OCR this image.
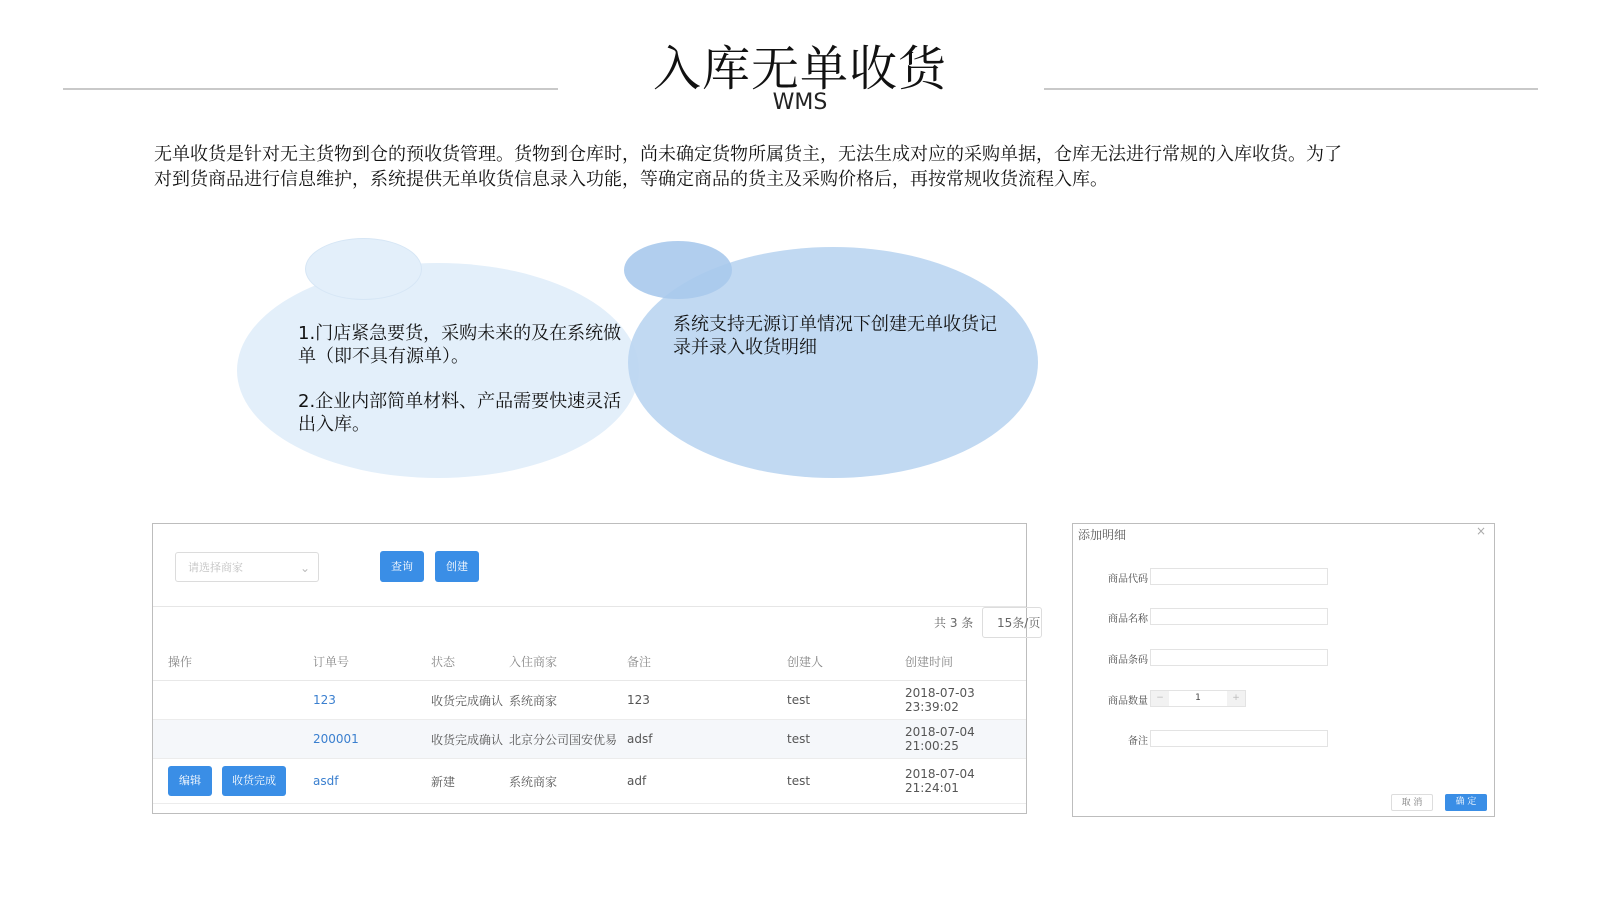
入库无单收货
WMS
无单收货是针对无主货物到仓的预收货管理。货物到仓库时，尚未确定货物所属货主，无法生成对应的采购单据，仓库无法进行常规的入库收货。为了对到货商品进行信息维护，系统提供无单收货信息录入功能，等确定商品的货主及采购价格后，再按常规收货流程入库。

1.门店紧急要货，采购未来的及在系统做单（即不具有源单）。

2.企业内部简单材料、产品需要快速灵活出入库。

系统支持无源订单情况下创建无单收货记录并录入收货明细
请选择商家	⌄	查询	创建
共 3 条	15条/页
操作	订单号	状态	入住商家	备注	创建人	创建时间
	123	收货完成确认	系统商家	123	test	2018-07-03 23:39:02
	200001	收货完成确认	北京分公司国安优易	adsf	test	2018-07-04 21:00:25
编辑 收货完成	asdf	新建	系统商家	adf	test	2018-07-04 21:24:01
添加明细	×
商品代码
商品名称
商品条码
商品数量 −	1	+
备注
取 消	确 定
